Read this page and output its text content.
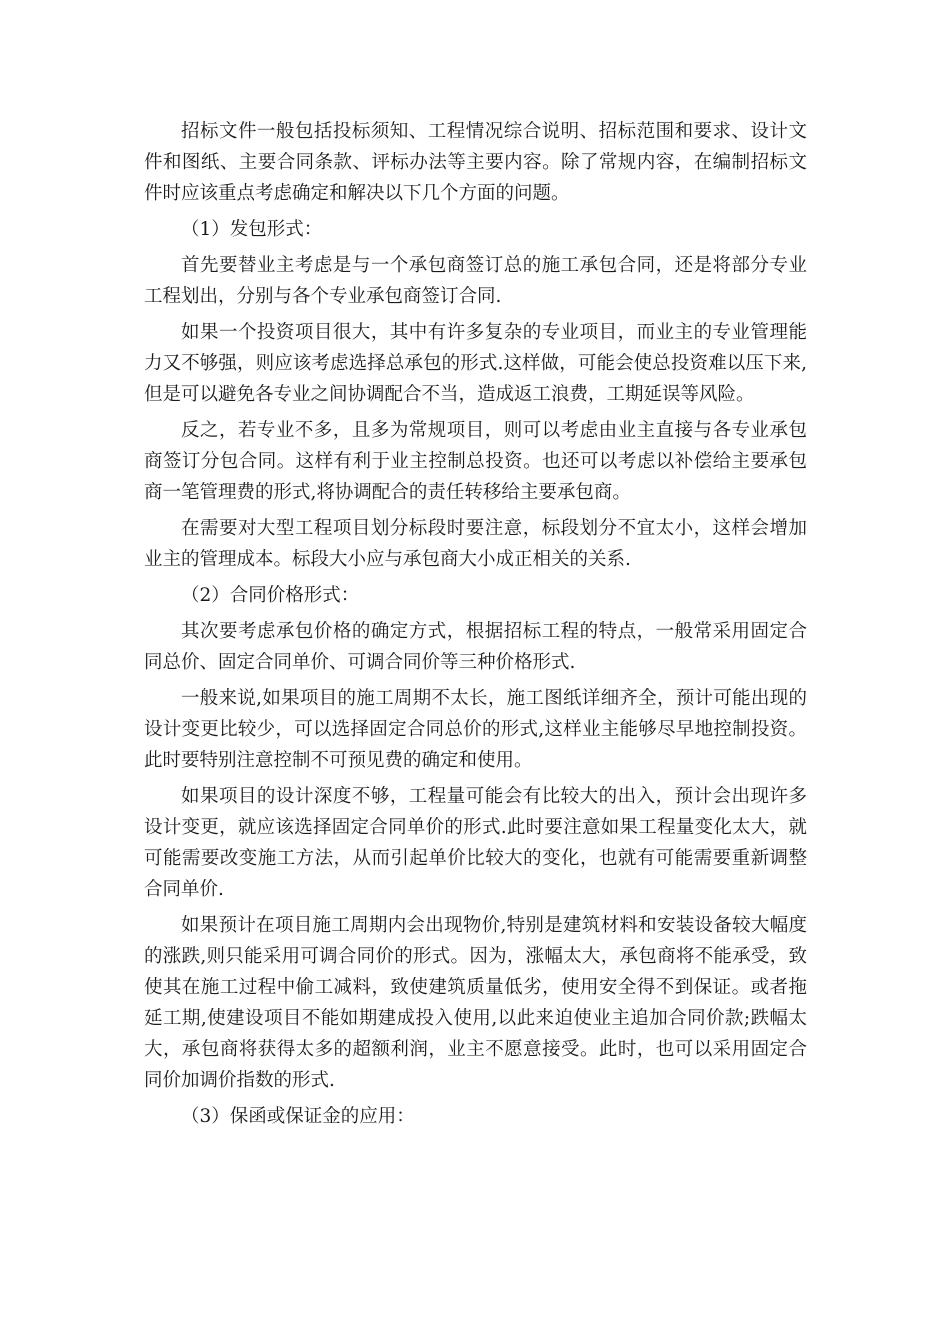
招标文件一般包括投标须知、工程情况综合说明、招标范围和要求、设计文件和图纸、主要合同条款、评标办法等主要内容。除了常规内容，在编制招标文件时应该重点考虑确定和解决以下几个方面的问题。

（1）发包形式：

首先要替业主考虑是与一个承包商签订总的施工承包合同，还是将部分专业工程划出，分别与各个专业承包商签订合同.

如果一个投资项目很大，其中有许多复杂的专业项目，而业主的专业管理能力又不够强，则应该考虑选择总承包的形式.这样做，可能会使总投资难以压下来,但是可以避免各专业之间协调配合不当，造成返工浪费，工期延误等风险。

反之，若专业不多，且多为常规项目，则可以考虑由业主直接与各专业承包商签订分包合同。这样有利于业主控制总投资。也还可以考虑以补偿给主要承包商一笔管理费的形式,将协调配合的责任转移给主要承包商。

在需要对大型工程项目划分标段时要注意，标段划分不宜太小，这样会增加业主的管理成本。标段大小应与承包商大小成正相关的关系.

（2）合同价格形式：

其次要考虑承包价格的确定方式，根据招标工程的特点，一般常采用固定合同总价、固定合同单价、可调合同价等三种价格形式.

一般来说,如果项目的施工周期不太长，施工图纸详细齐全，预计可能出现的设计变更比较少，可以选择固定合同总价的形式,这样业主能够尽早地控制投资。此时要特别注意控制不可预见费的确定和使用。

如果项目的设计深度不够，工程量可能会有比较大的出入，预计会出现许多设计变更，就应该选择固定合同单价的形式.此时要注意如果工程量变化太大，就可能需要改变施工方法，从而引起单价比较大的变化，也就有可能需要重新调整合同单价.

如果预计在项目施工周期内会出现物价,特别是建筑材料和安装设备较大幅度的涨跌,则只能采用可调合同价的形式。因为，涨幅太大，承包商将不能承受，致使其在施工过程中偷工减料，致使建筑质量低劣，使用安全得不到保证。或者拖延工期,使建设项目不能如期建成投入使用,以此来迫使业主追加合同价款;跌幅太大，承包商将获得太多的超额利润，业主不愿意接受。此时，也可以采用固定合同价加调价指数的形式.

（3）保函或保证金的应用：
